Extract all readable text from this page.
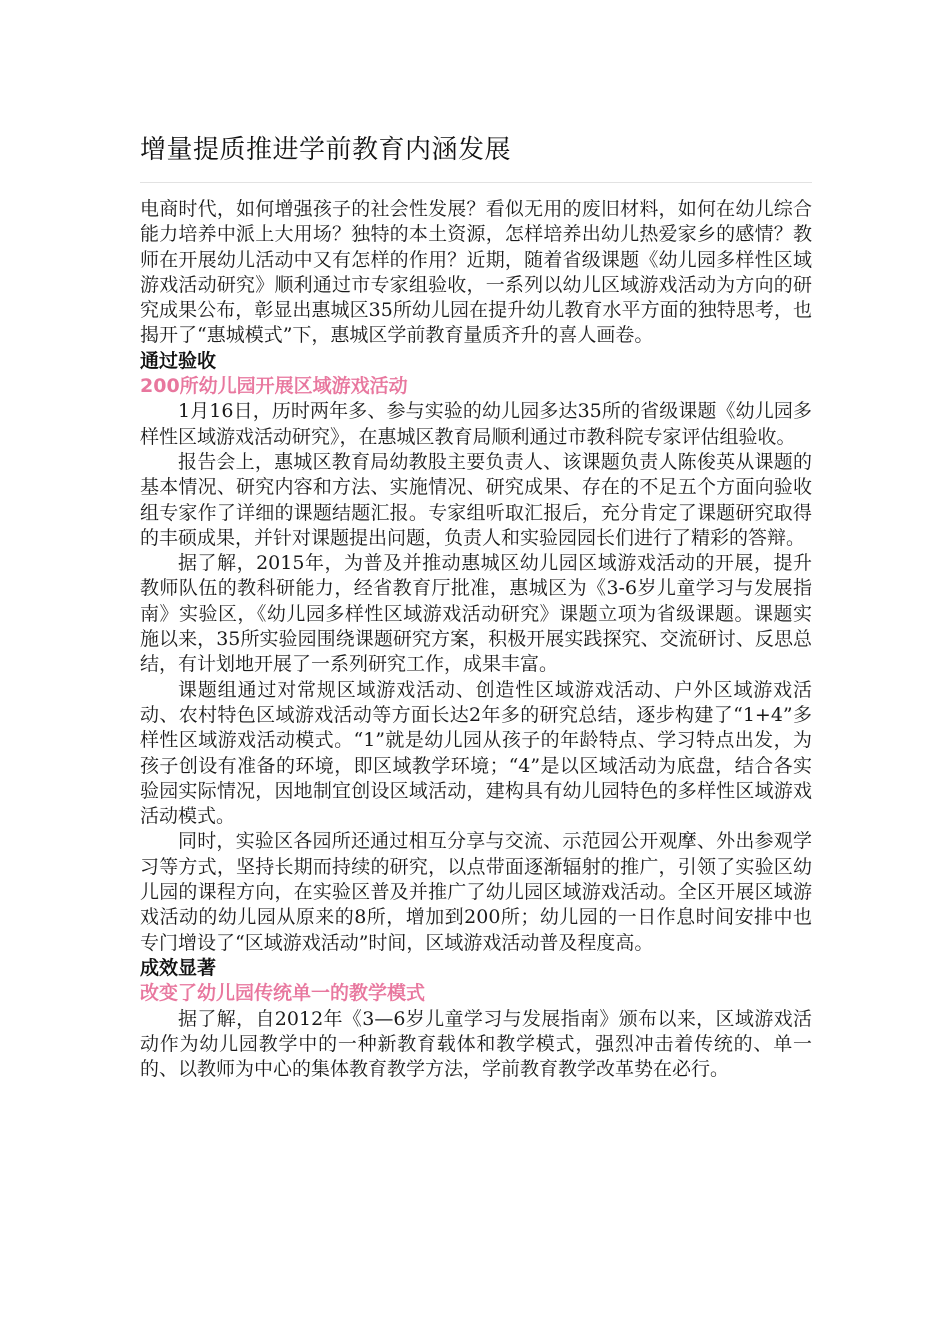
增量提质推进学前教育内涵发展

电商时代，如何增强孩子的社会性发展？看似无用的废旧材料，如何在幼儿综合能力培养中派上大用场？独特的本土资源，怎样培养出幼儿热爱家乡的感情？教师在开展幼儿活动中又有怎样的作用？近期，随着省级课题《幼儿园多样性区域游戏活动研究》顺利通过市专家组验收，一系列以幼儿区域游戏活动为方向的研究成果公布，彰显出惠城区35所幼儿园在提升幼儿教育水平方面的独特思考，也揭开了“惠城模式”下，惠城区学前教育量质齐升的喜人画卷。

通过验收
200所幼儿园开展区域游戏活动

1月16日，历时两年多、参与实验的幼儿园多达35所的省级课题《幼儿园多样性区域游戏活动研究》，在惠城区教育局顺利通过市教科院专家评估组验收。

报告会上，惠城区教育局幼教股主要负责人、该课题负责人陈俊英从课题的基本情况、研究内容和方法、实施情况、研究成果、存在的不足五个方面向验收组专家作了详细的课题结题汇报。专家组听取汇报后，充分肯定了课题研究取得的丰硕成果，并针对课题提出问题，负责人和实验园园长们进行了精彩的答辩。

据了解，2015年，为普及并推动惠城区幼儿园区域游戏活动的开展，提升教师队伍的教科研能力，经省教育厅批准，惠城区为《3-6岁儿童学习与发展指南》实验区，《幼儿园多样性区域游戏活动研究》课题立项为省级课题。课题实施以来，35所实验园围绕课题研究方案，积极开展实践探究、交流研讨、反思总结，有计划地开展了一系列研究工作，成果丰富。

课题组通过对常规区域游戏活动、创造性区域游戏活动、户外区域游戏活动、农村特色区域游戏活动等方面长达2年多的研究总结，逐步构建了“1+4”多样性区域游戏活动模式。“1”就是幼儿园从孩子的年龄特点、学习特点出发，为孩子创设有准备的环境，即区域教学环境；“4”是以区域活动为底盘，结合各实验园实际情况，因地制宜创设区域活动，建构具有幼儿园特色的多样性区域游戏活动模式。

同时，实验区各园所还通过相互分享与交流、示范园公开观摩、外出参观学习等方式，坚持长期而持续的研究，以点带面逐渐辐射的推广，引领了实验区幼儿园的课程方向，在实验区普及并推广了幼儿园区域游戏活动。全区开展区域游戏活动的幼儿园从原来的8所，增加到200所；幼儿园的一日作息时间安排中也专门增设了“区域游戏活动”时间，区域游戏活动普及程度高。

成效显著
改变了幼儿园传统单一的教学模式

据了解，自2012年《3—6岁儿童学习与发展指南》颁布以来，区域游戏活动作为幼儿园教学中的一种新教育载体和教学模式，强烈冲击着传统的、单一的、以教师为中心的集体教育教学方法，学前教育教学改革势在必行。
